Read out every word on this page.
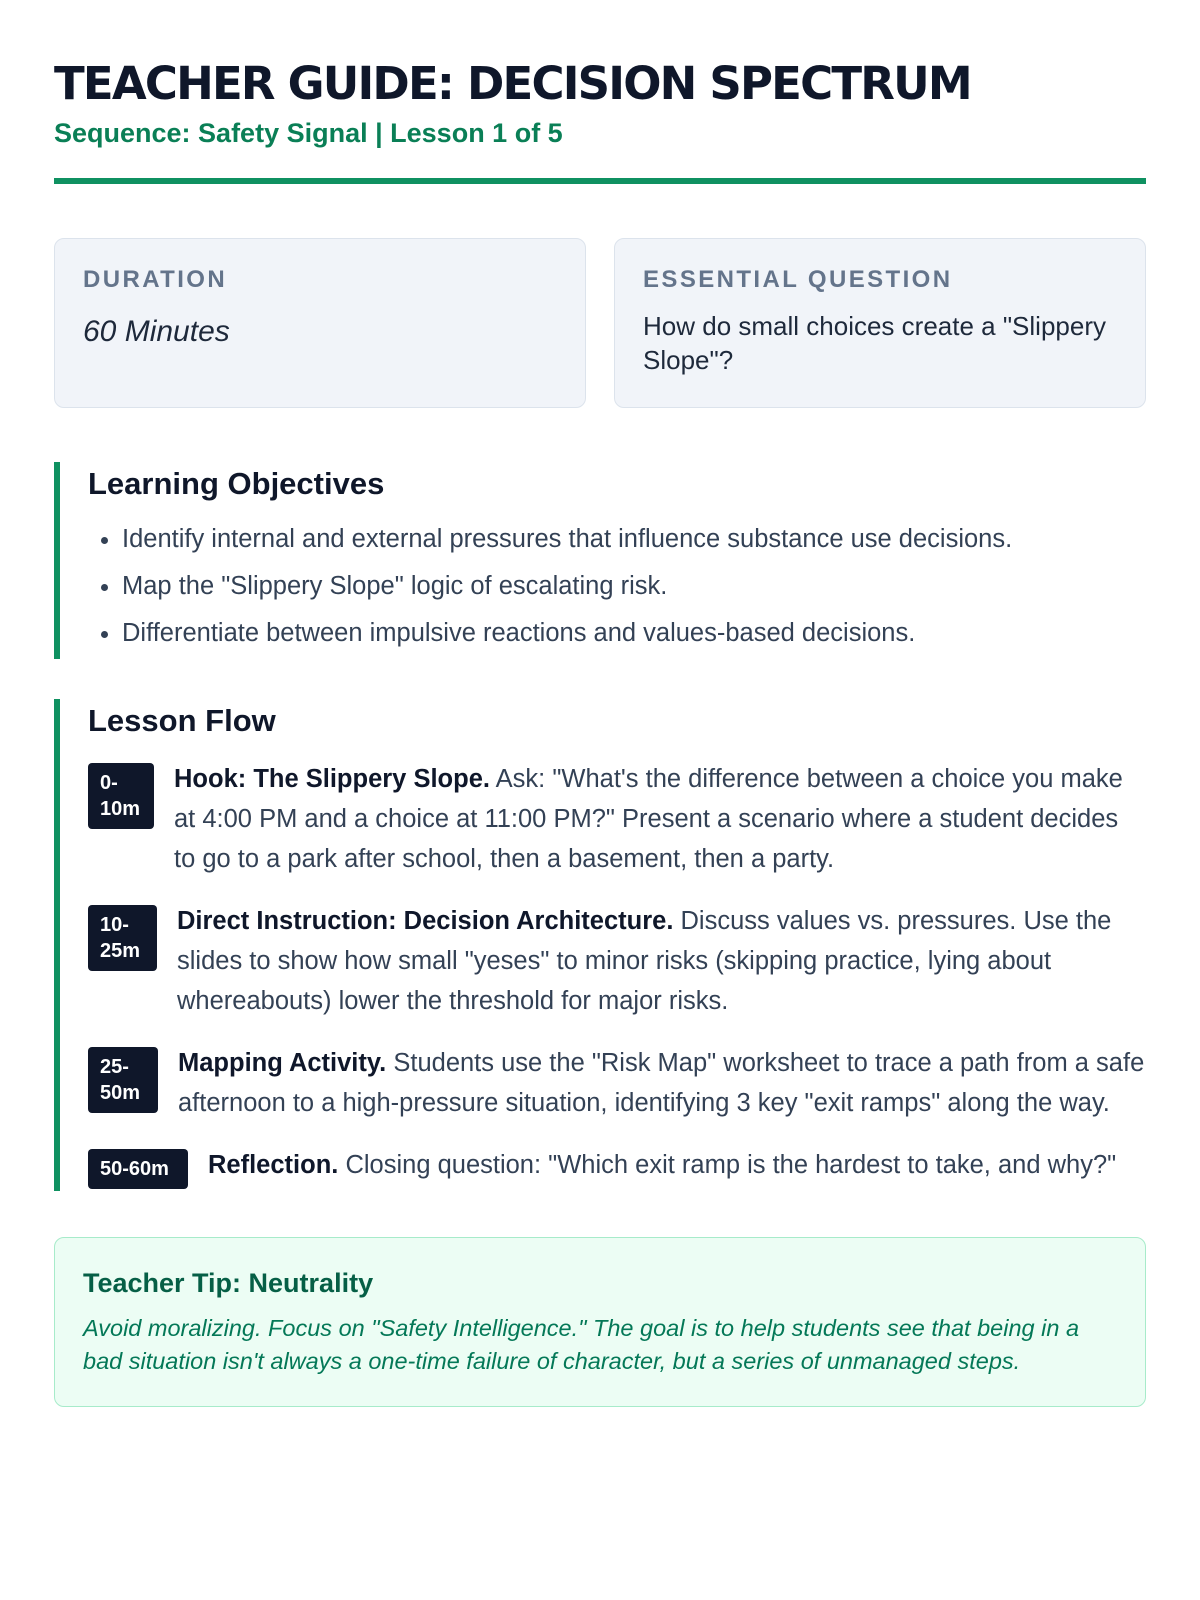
TEACHER GUIDE: DECISION SPECTRUM
Sequence: Safety Signal | Lesson 1 of 5
DURATION
60 Minutes
ESSENTIAL QUESTION
How do small choices create a "Slippery Slope"?
Learning Objectives
• Identify internal and external pressures that influence substance use decisions.
• Map the "Slippery Slope" logic of escalating risk.
• Differentiate between impulsive reactions and values-based decisions.
Lesson Flow
0-10m
Hook: The Slippery Slope. Ask: "What's the difference between a choice you make at 4:00 PM and a choice at 11:00 PM?" Present a scenario where a student decides to go to a park after school, then a basement, then a party.
10-25m
Direct Instruction: Decision Architecture. Discuss values vs. pressures. Use the slides to show how small "yeses" to minor risks (skipping practice, lying about whereabouts) lower the threshold for major risks.
25-50m
Mapping Activity. Students use the "Risk Map" worksheet to trace a path from a safe afternoon to a high-pressure situation, identifying 3 key "exit ramps" along the way.
50-60m	Reflection. Closing question: "Which exit ramp is the hardest to take, and why?"
Teacher Tip: Neutrality
Avoid moralizing. Focus on "Safety Intelligence." The goal is to help students see that being in a bad situation isn't always a one-time failure of character, but a series of unmanaged steps.
